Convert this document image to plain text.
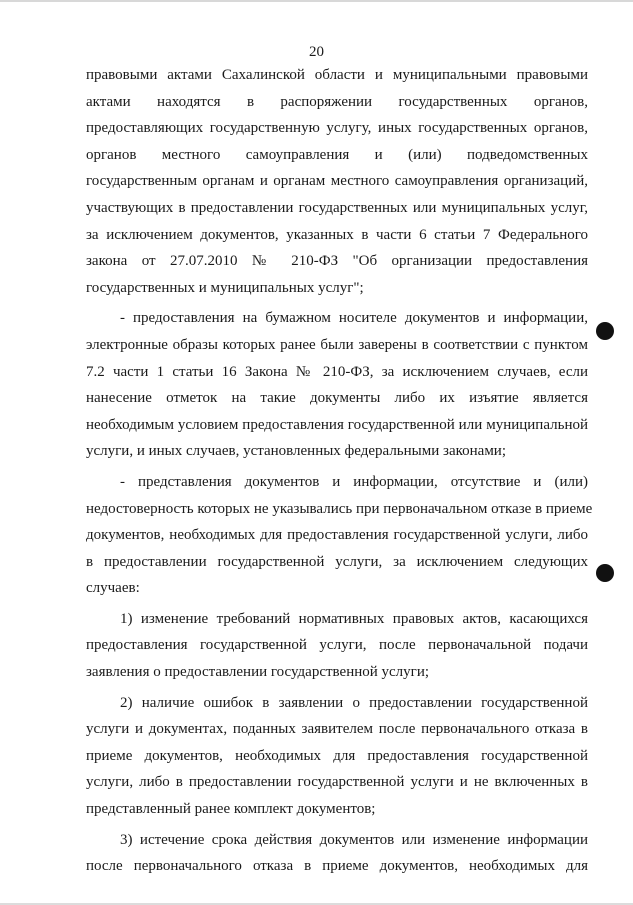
20
правовыми актами Сахалинской области и муниципальными правовыми
актами находятся в распоряжении государственных органов,
предоставляющих государственную услугу, иных государственных органов,
органов местного самоуправления и (или) подведомственных
государственным органам и органам местного самоуправления организаций,
участвующих в предоставлении государственных или муниципальных услуг,
за исключением документов, указанных в части 6 статьи 7 Федерального
закона от 27.07.2010 № 210-ФЗ "Об организации предоставления
государственных и муниципальных услуг";
- предоставления на бумажном носителе документов и информации,
электронные образы которых ранее были заверены в соответствии с пунктом
7.2 части 1 статьи 16 Закона № 210-ФЗ, за исключением случаев, если
нанесение отметок на такие документы либо их изъятие является
необходимым условием предоставления государственной или муниципальной
услуги, и иных случаев, установленных федеральными законами;
- представления документов и информации, отсутствие и (или)
недостоверность которых не указывались при первоначальном отказе в приеме
документов, необходимых для предоставления государственной услуги, либо
в предоставлении государственной услуги, за исключением следующих
случаев:
1) изменение требований нормативных правовых актов, касающихся
предоставления государственной услуги, после первоначальной подачи
заявления о предоставлении государственной услуги;
2) наличие ошибок в заявлении о предоставлении государственной
услуги и документах, поданных заявителем после первоначального отказа в
приеме документов, необходимых для предоставления государственной
услуги, либо в предоставлении государственной услуги и не включенных в
представленный ранее комплект документов;
3) истечение срока действия документов или изменение информации
после первоначального отказа в приеме документов, необходимых для
